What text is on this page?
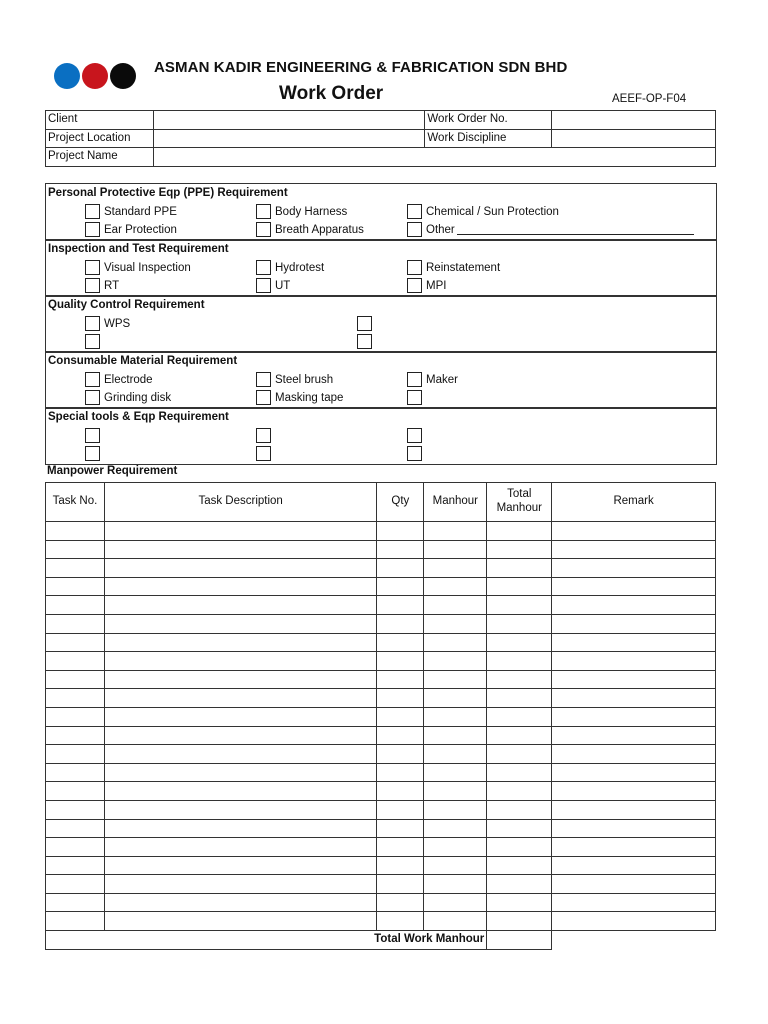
ASMAN KADIR ENGINEERING & FABRICATION SDN BHD
Work Order	AEEF-OP-F04
Client		Work Order No.	
Project Location		Work Discipline	
Project Name			
Personal Protective Eqp (PPE) Requirement
Standard PPE	Body Harness	Chemical / Sun Protection
Ear Protection	Breath Apparatus	Other
Inspection and Test Requirement
Visual Inspection	Hydrotest	Reinstatement
RT	UT	MPI
Quality Control Requirement
WPS
Consumable Material Requirement
Electrode	Steel brush	Maker
Grinding disk	Masking tape
Special tools & Eqp Requirement
Manpower Requirement
Task No.	Task Description	Qty	Manhour	Total Manhour	Remark

Total Work Manhour					
